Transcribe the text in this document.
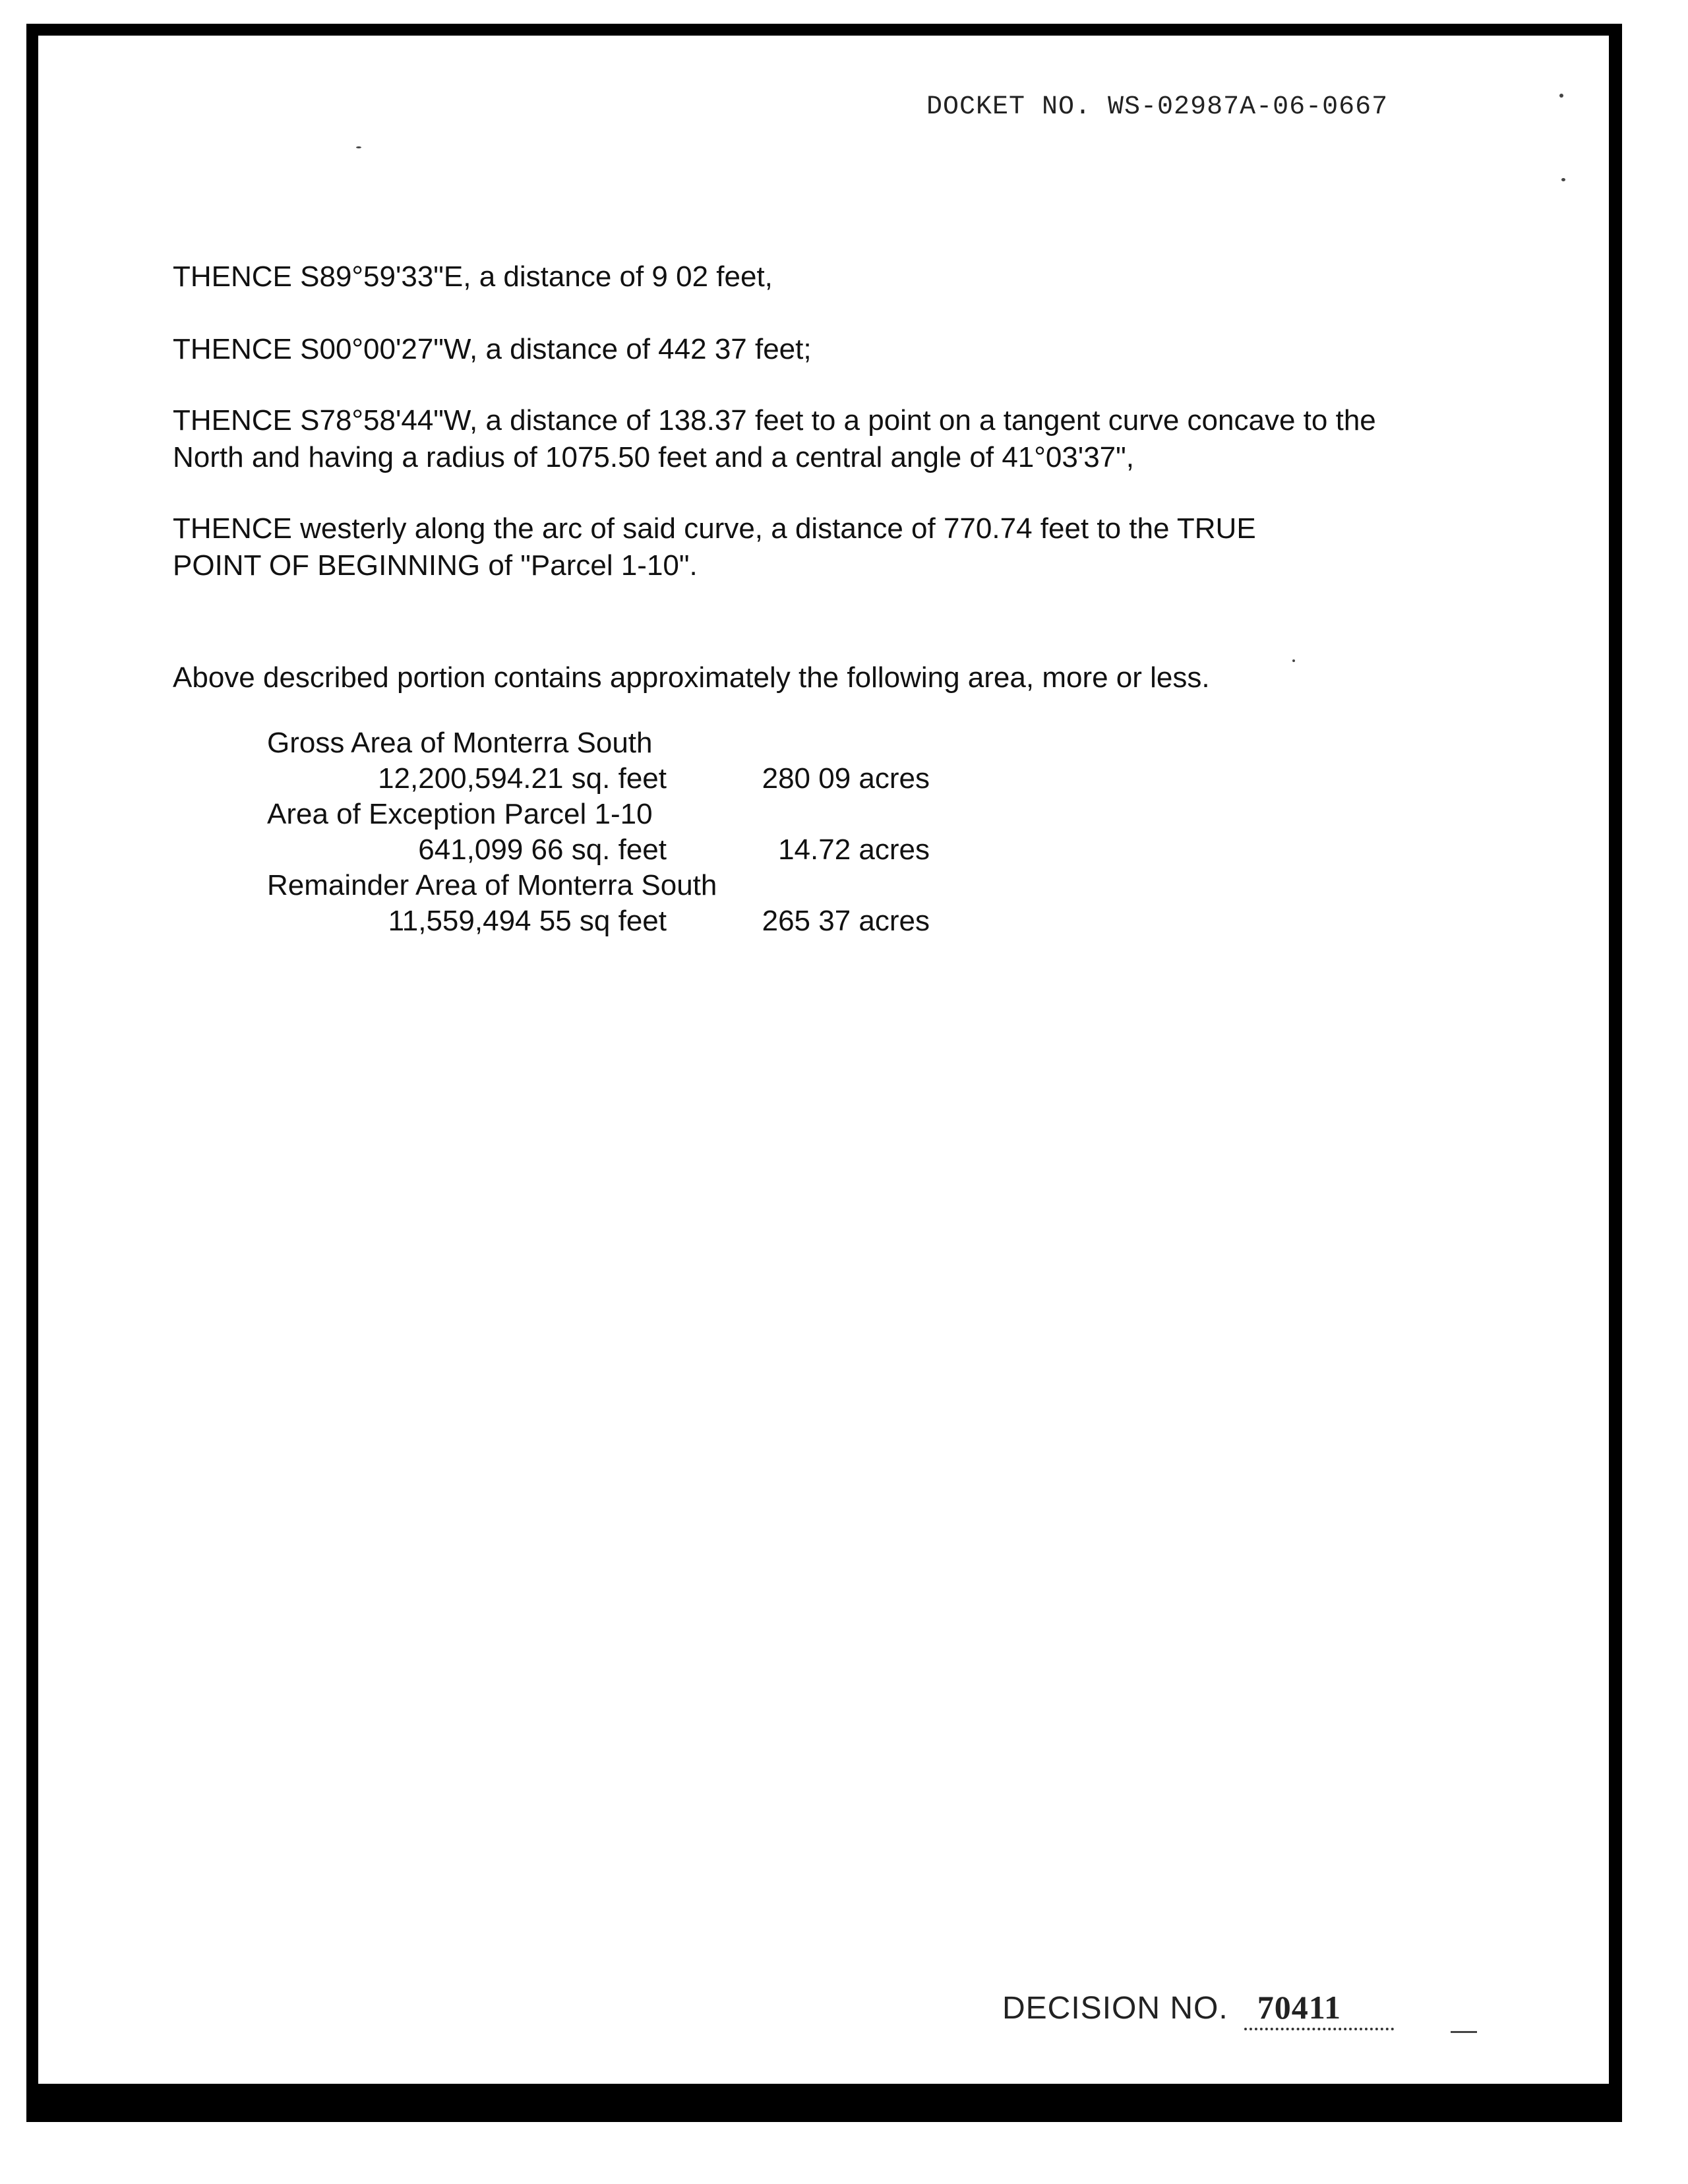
DOCKET NO. WS-02987A-06-0667
THENCE S89°59'33"E, a distance of 9 02 feet,
THENCE S00°00'27"W, a distance of 442 37 feet;
THENCE S78°58'44"W, a distance of 138.37 feet to a point on a tangent curve concave to the North and having a radius of 1075.50 feet and a central angle of 41°03'37",
THENCE westerly along the arc of said curve, a distance of 770.74 feet to the TRUE POINT OF BEGINNING of "Parcel 1-10".
Above described portion contains approximately the following area, more or less.
Gross Area of Monterra South
12,200,594.21 sq. feet	280 09 acres
Area of Exception Parcel 1-10
641,099 66 sq. feet	14.72 acres
Remainder Area of Monterra South
11,559,494 55 sq feet	265 37 acres
DECISION NO. 70411
